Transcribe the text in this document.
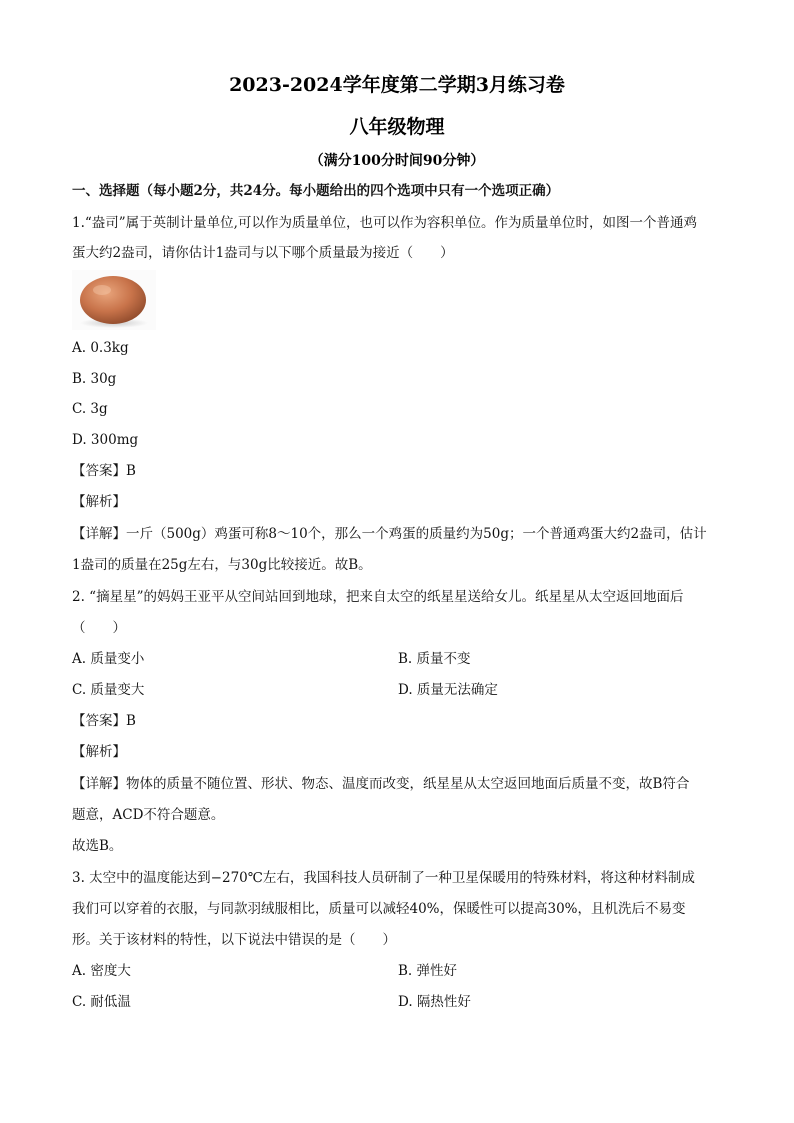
2023-2024学年度第二学期3月练习卷
八年级物理
（满分100分时间90分钟）
一、选择题（每小题2分，共24分。每小题给出的四个选项中只有一个选项正确）
1.“盎司”属于英制计量单位,可以作为质量单位，也可以作为容积单位。作为质量单位时，如图一个普通鸡
蛋大约2盎司，请你估计1盎司与以下哪个质量最为接近（　　）
A. 0.3kg
B. 30g
C. 3g
D. 300mg
【答案】B
【解析】
【详解】一斤（500g）鸡蛋可称8～10个，那么一个鸡蛋的质量约为50g；一个普通鸡蛋大约2盎司，估计
1盎司的质量在25g左右，与30g比较接近。故B。
2. “摘星星”的妈妈王亚平从空间站回到地球，把来自太空的纸星星送给女儿。纸星星从太空返回地面后
（　　）
A. 质量变小	B. 质量不变
C. 质量变大	D. 质量无法确定
【答案】B
【解析】
【详解】物体的质量不随位置、形状、物态、温度而改变，纸星星从太空返回地面后质量不变，故B符合
题意，ACD不符合题意。
故选B。
3. 太空中的温度能达到−270℃左右，我国科技人员研制了一种卫星保暖用的特殊材料，将这种材料制成
我们可以穿着的衣服，与同款羽绒服相比，质量可以减轻40%，保暖性可以提高30%，且机洗后不易变
形。关于该材料的特性，以下说法中错误的是（　　）
A. 密度大	B. 弹性好
C. 耐低温	D. 隔热性好
